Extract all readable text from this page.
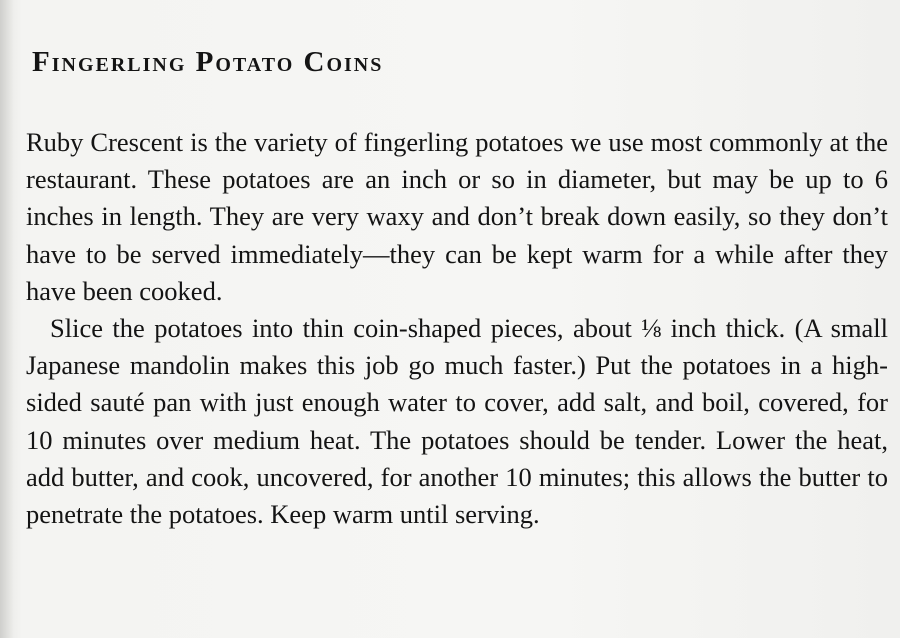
Fingerling Potato Coins

Ruby Crescent is the variety of fingerling potatoes we use most commonly at the restaurant. These potatoes are an inch or so in diameter, but may be up to 6 inches in length. They are very waxy and don’t break down easily, so they don’t have to be served immediately—they can be kept warm for a while after they have been cooked.

Slice the potatoes into thin coin-shaped pieces, about ⅛ inch thick. (A small Japanese mandolin makes this job go much faster.) Put the potatoes in a high-sided sauté pan with just enough water to cover, add salt, and boil, covered, for 10 minutes over medium heat. The potatoes should be tender. Lower the heat, add butter, and cook, uncovered, for another 10 minutes; this allows the butter to penetrate the potatoes. Keep warm until serving.
